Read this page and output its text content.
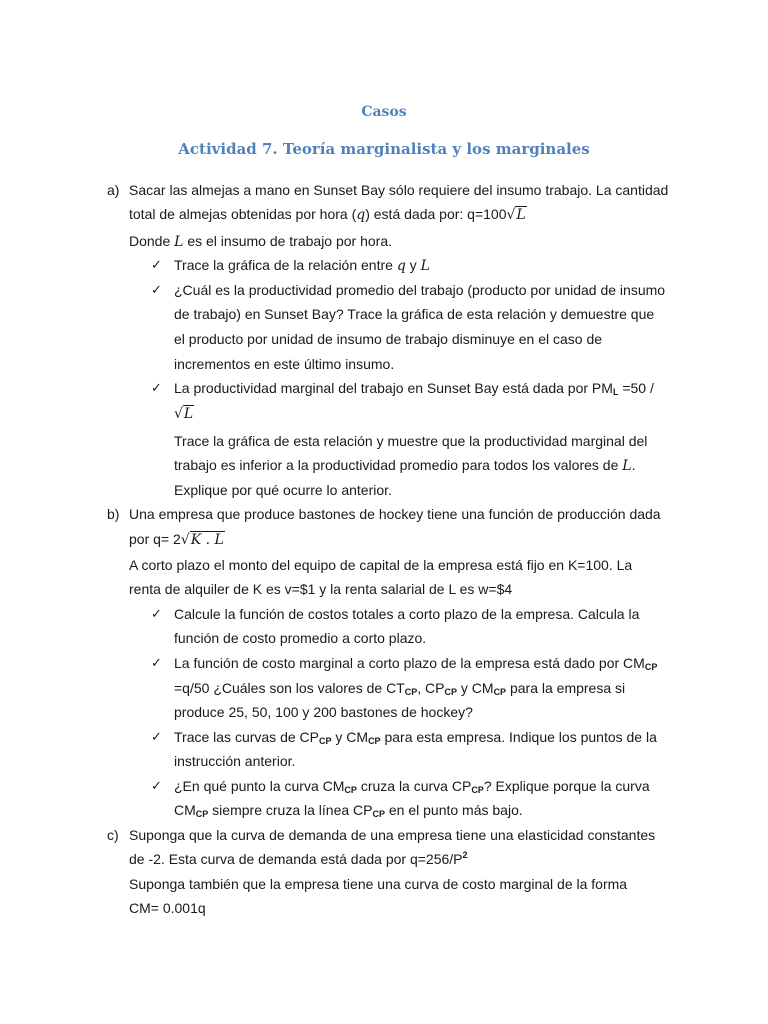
Casos
Actividad 7. Teoría marginalista y los marginales
a) Sacar las almejas a mano en Sunset Bay sólo requiere del insumo trabajo. La cantidad
total de almejas obtenidas por hora (q) está dada por: q=100√L
Donde L es el insumo de trabajo por hora.
✓ Trace la gráfica de la relación entre q y L
✓ ¿Cuál es la productividad promedio del trabajo (producto por unidad de insumo
de trabajo) en Sunset Bay? Trace la gráfica de esta relación y demuestre que
el producto por unidad de insumo de trabajo disminuye en el caso de
incrementos en este último insumo.
✓ La productividad marginal del trabajo en Sunset Bay está dada por $PM_L =50$ /
√L
Trace la gráfica de esta relación y muestre que la productividad marginal del
trabajo es inferior a la productividad promedio para todos los valores de L.
Explique por qué ocurre lo anterior.
b) Una empresa que produce bastones de hockey tiene una función de producción dada
por q= 2√K . L
A corto plazo el monto del equipo de capital de la empresa está fijo en K=100. La
renta de alquiler de K es v=$1 y la renta salarial de L es w=$4
✓ Calcule la función de costos totales a corto plazo de la empresa. Calcula la
función de costo promedio a corto plazo.
✓ La función de costo marginal a corto plazo de la empresa está dado por $CM_{CP}$
=q/50 ¿Cuáles son los valores de $CT_{CP}$, $CP_{CP}$ y $CM_{CP}$ para la empresa si
produce 25, 50, 100 y 200 bastones de hockey?
✓ Trace las curvas de $CP_{CP}$ y $CM_{CP}$ para esta empresa. Indique los puntos de la
instrucción anterior.
✓ ¿En qué punto la curva $CM_{CP}$ cruza la curva $CP_{CP}$? Explique porque la curva
$CM_{CP}$ siempre cruza la línea $CP_{CP}$ en el punto más bajo.
c) Suponga que la curva de demanda de una empresa tiene una elasticidad constantes
de -2. Esta curva de demanda está dada por $q=256/P^2$
Suponga también que la empresa tiene una curva de costo marginal de la forma
CM= 0.001q
